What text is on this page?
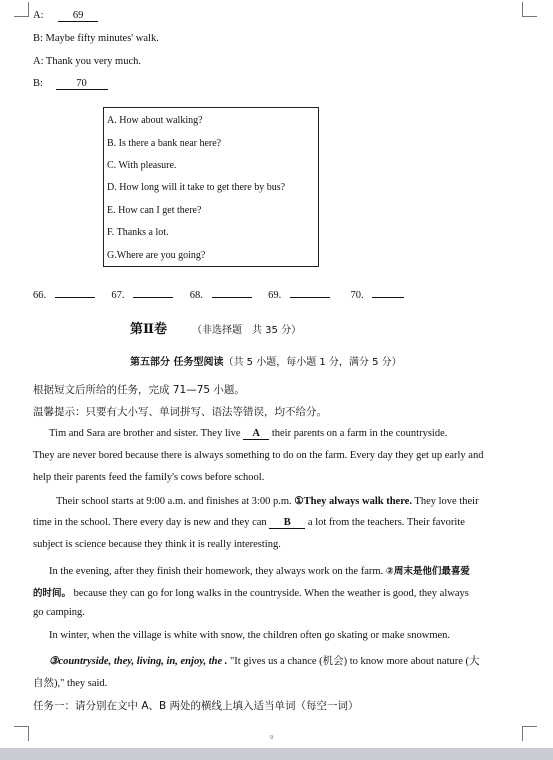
A:	69
B: Maybe fifty minutes' walk.
A: Thank you very much.
B:	70
A. How about walking?
B. Is there a bank near here?
C. With pleasure.
D. How long will it take to get there by bus?
E. How can I get there?
F. Thanks a lot.
G.Where are you going?
66.	67.	68.	69.	70.
第Ⅱ卷	（非选择题　共 35 分）
第五部分 任务型阅读（共 5 小题，每小题 1 分，满分 5 分）
根据短文后所给的任务，完成 71—75 小题。
温馨提示：只要有大小写、单词拼写、语法等错误，均不给分。
Tim and Sara are brother and sister. They live A their parents on a farm in the countryside.
They are never bored because there is always something to do on the farm. Every day they get up early and
help their parents feed the family's cows before school.
Their school starts at 9:00 a.m. and finishes at 3:00 p.m. ①They always walk there. They love their
time in the school. There every day is new and they can B a lot from the teachers. Their favorite
subject is science because they think it is really interesting.
In the evening, after they finish their homework, they always work on the farm. ②周末是他们最喜爱
的时间。 because they can go for long walks in the countryside. When the weather is good, they always
go camping.
In winter, when the village is white with snow, the children often go skating or make snowmen.
③countryside, they, living, in, enjoy, the . "It gives us a chance (机会) to know more about nature (大
自然)," they said.
任务一：请分别在文中 A、B 两处的横线上填入适当单词（每空一词）
9
